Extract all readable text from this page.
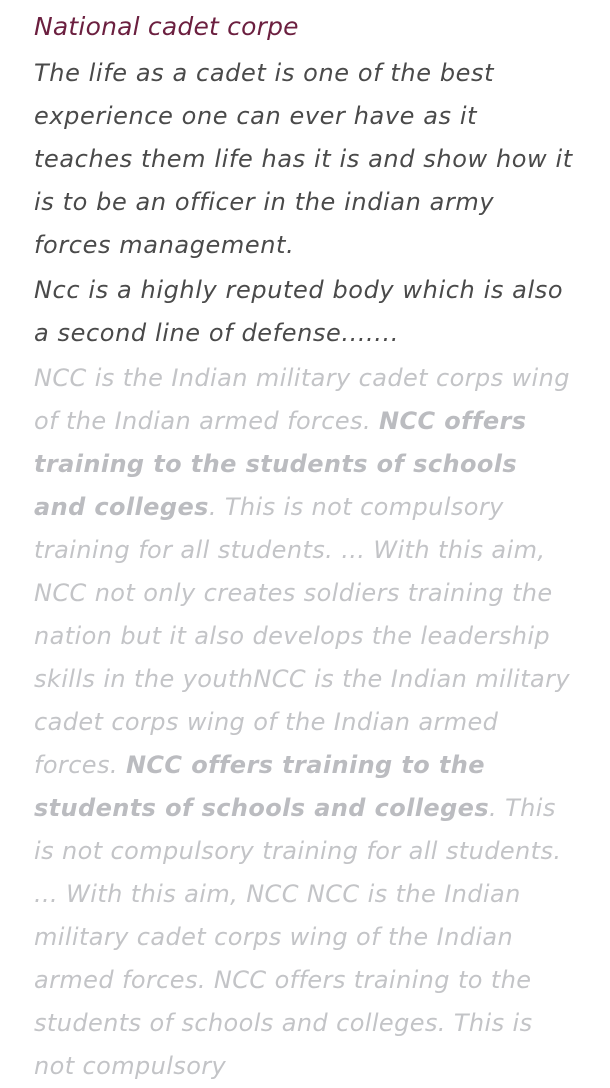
National cadet corpe

The life as a cadet is one of the best experience one can ever have as it teaches them life has it is and show how it is to be an officer in the indian army forces management.

Ncc is a highly reputed body which is also a second line of defense.......

NCC is the Indian military cadet corps wing of the Indian armed forces. NCC offers training to the students of schools and colleges. This is not compulsory training for all students. ... With this aim, NCC not only creates soldiers training the nation but it also develops the leadership skills in the youthNCC is the Indian military cadet corps wing of the Indian armed forces. NCC offers training to the students of schools and colleges. This is not compulsory training for all students. ... With this aim, NCC NCC is the Indian military cadet corps wing of the Indian armed forces. NCC offers training to the students of schools and colleges. This is not compulsory
